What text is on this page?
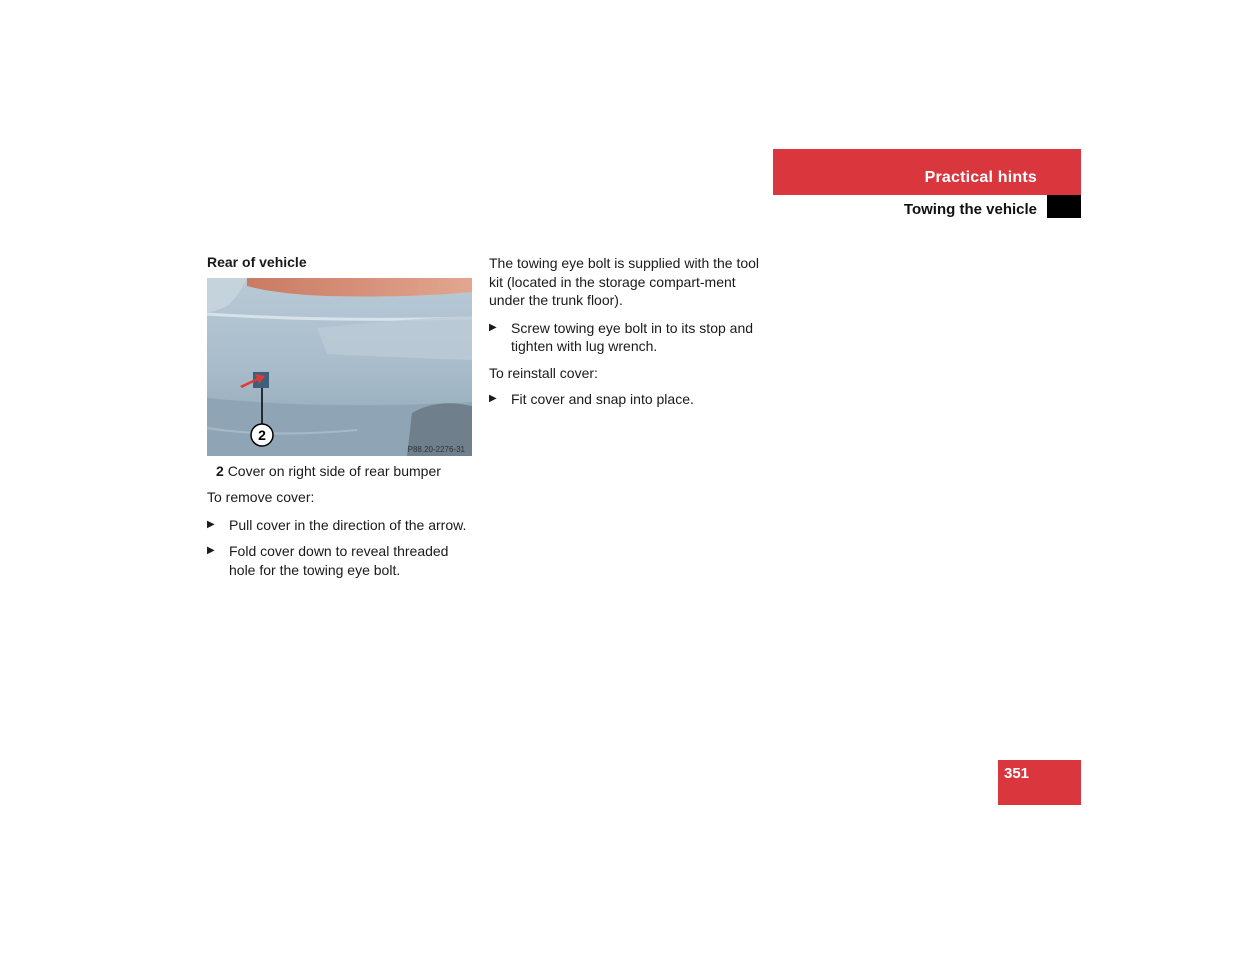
Practical hints
Towing the vehicle
Rear of vehicle
2
P88.20-2276-31
2 Cover on right side of rear bumper

To remove cover:

▶ Pull cover in the direction of the arrow.
▶ Fold cover down to reveal threaded hole for the towing eye bolt.

The towing eye bolt is supplied with the tool kit (located in the storage compart-ment under the trunk floor).

▶ Screw towing eye bolt in to its stop and tighten with lug wrench.

To reinstall cover:

▶ Fit cover and snap into place.
351
